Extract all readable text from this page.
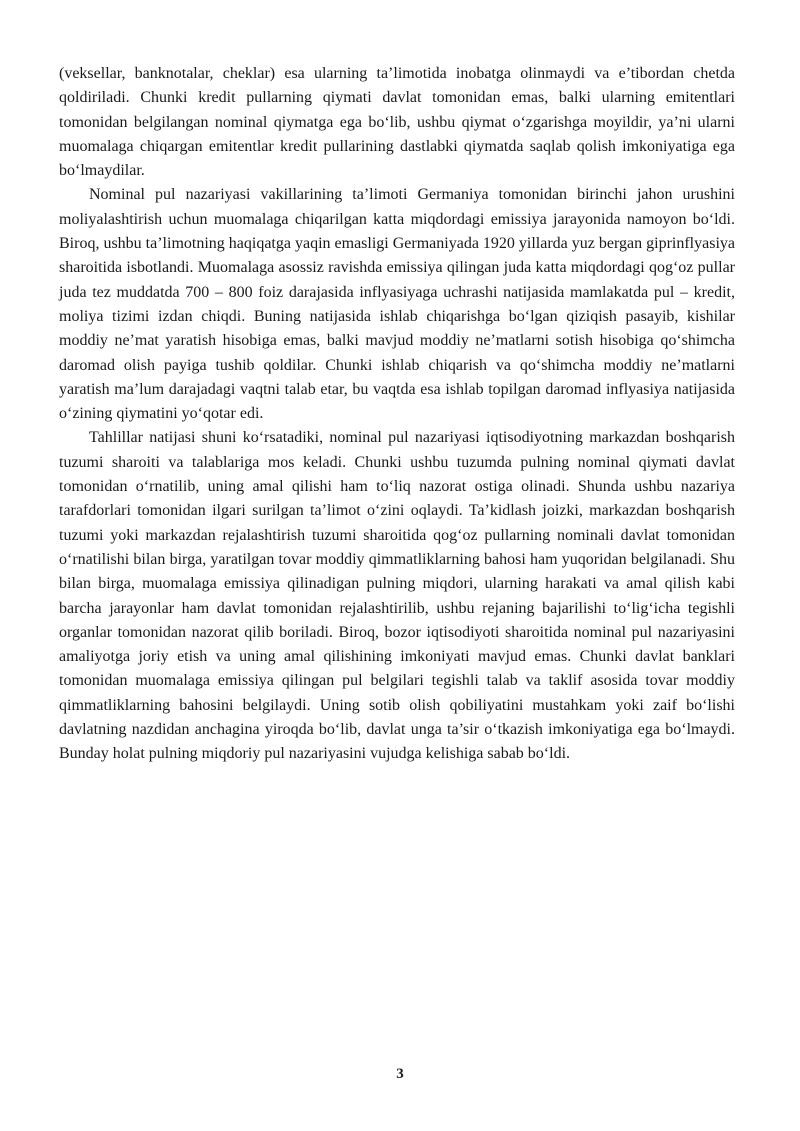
(veksellar, banknotalar, cheklar) esa ularning ta’limotida inobatga olinmaydi va e’tibordan chetda qoldiriladi. Chunki kredit pullarning qiymati davlat tomonidan emas, balki ularning emitentlari tomonidan belgilangan nominal qiymatga ega bo‘lib, ushbu qiymat o‘zgarishga moyildir, ya’ni ularni muomalaga chiqargan emitentlar kredit pullarining dastlabki qiymatda saqlab qolish imkoniyatiga ega bo‘lmaydilar.

Nominal pul nazariyasi vakillarining ta’limoti Germaniya tomonidan birinchi jahon urushini moliyalashtirish uchun muomalaga chiqarilgan katta miqdordagi emissiya jarayonida namoyon bo‘ldi. Biroq, ushbu ta’limotning haqiqatga yaqin emasligi Germaniyada 1920 yillarda yuz bergan giprinflyasiya sharoitida isbotlandi. Muomalaga asossiz ravishda emissiya qilingan juda katta miqdordagi qog‘oz pullar juda tez muddatda 700 – 800 foiz darajasida inflyasiyaga uchrashi natijasida mamlakatda pul – kredit, moliya tizimi izdan chiqdi. Buning natijasida ishlab chiqarishga bo‘lgan qiziqish pasayib, kishilar moddiy ne’mat yaratish hisobiga emas, balki mavjud moddiy ne’matlarni sotish hisobiga qo‘shimcha daromad olish payiga tushib qoldilar. Chunki ishlab chiqarish va qo‘shimcha moddiy ne’matlarni yaratish ma’lum darajadagi vaqtni talab etar, bu vaqtda esa ishlab topilgan daromad inflyasiya natijasida o‘zining qiymatini yo‘qotar edi.

Tahlillar natijasi shuni ko‘rsatadiki, nominal pul nazariyasi iqtisodiyotning markazdan boshqarish tuzumi sharoiti va talablariga mos keladi. Chunki ushbu tuzumda pulning nominal qiymati davlat tomonidan o‘rnatilib, uning amal qilishi ham to‘liq nazorat ostiga olinadi. Shunda ushbu nazariya tarafdorlari tomonidan ilgari surilgan ta’limot o‘zini oqlaydi. Ta’kidlash joizki, markazdan boshqarish tuzumi yoki markazdan rejalashtirish tuzumi sharoitida qog‘oz pullarning nominali davlat tomonidan o‘rnatilishi bilan birga, yaratilgan tovar moddiy qimmatliklarning bahosi ham yuqoridan belgilanadi. Shu bilan birga, muomalaga emissiya qilinadigan pulning miqdori, ularning harakati va amal qilish kabi barcha jarayonlar ham davlat tomonidan rejalashtirilib, ushbu rejaning bajarilishi to‘lig‘icha tegishli organlar tomonidan nazorat qilib boriladi. Biroq, bozor iqtisodiyoti sharoitida nominal pul nazariyasini amaliyotga joriy etish va uning amal qilishining imkoniyati mavjud emas. Chunki davlat banklari tomonidan muomalaga emissiya qilingan pul belgilari tegishli talab va taklif asosida tovar moddiy qimmatliklarning bahosini belgilaydi. Uning sotib olish qobiliyatini mustahkam yoki zaif bo‘lishi davlatning nazdidan anchagina yiroqda bo‘lib, davlat unga ta’sir o‘tkazish imkoniyatiga ega bo‘lmaydi. Bunday holat pulning miqdoriy pul nazariyasini vujudga kelishiga sabab bo‘ldi.

3
